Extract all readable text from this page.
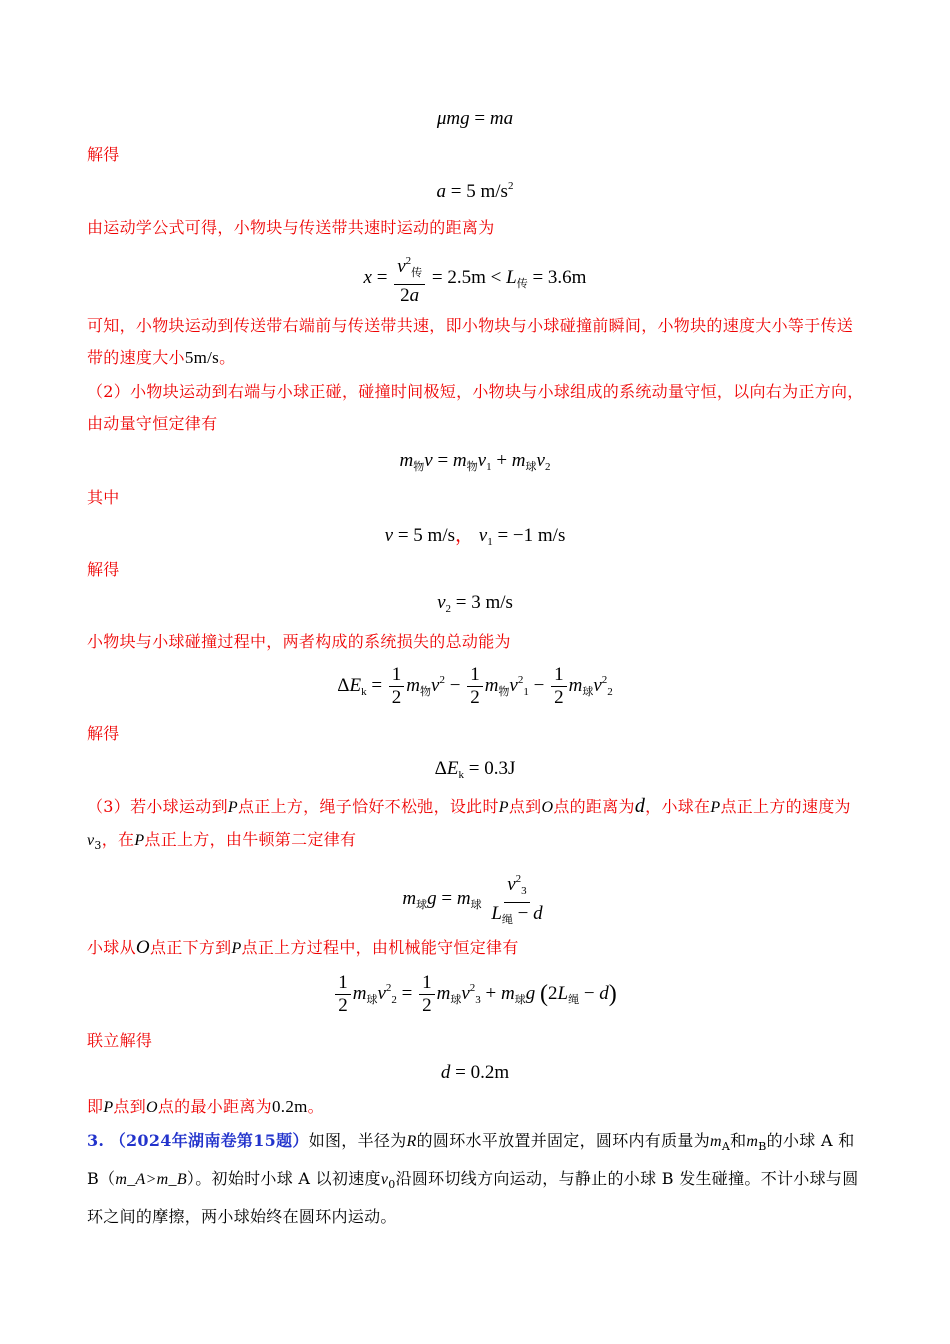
μmg = ma
解得
a = 5 $m/s^2$
由运动学公式可得，小物块与传送带共速时运动的距离为
$x = \frac{v^2_传}{2a} = 2.5m < L_传 = 3.6m$
可知，小物块运动到传送带右端前与传送带共速，即小物块与小球碰撞前瞬间，小物块的速度大小等于传送带的速度大小5m/s。
（2）小物块运动到右端与小球正碰，碰撞时间极短，小物块与小球组成的系统动量守恒，以向右为正方向，由动量守恒定律有
$m_物v = m_物v_1 + m_球v_2$
其中
v = 5 m/s， $v_1 = -1$ m/s
解得
$v_2 = 3$ m/s
小物块与小球碰撞过程中，两者构成的系统损失的总动能为
$\Delta E_k = \frac{1}{2} m_物v^2 - \frac{1}{2} m_物v^2_1 - \frac{1}{2} m_球v^2_2$
解得
$\Delta E_k = 0.3J$
（3）若小球运动到P点正上方，绳子恰好不松弛，设此时P点到O点的距离为d，小球在P点正上方的速度为$v_3$，在P点正上方，由牛顿第二定律有
$m_球g = m_球 \frac{v^2_3}{L_绳 - d}$
小球从O点正下方到P点正上方过程中，由机械能守恒定律有
$\frac{1}{2} m_球v^2_2 = \frac{1}{2} m_球v^2_3 + m_球g$ $(2L_绳 - d)$
联立解得
d = 0.2m
即P点到O点的最小距离为0.2m。
3. （2024年湖南卷第15题）如图，半径为R的圆环水平放置并固定，圆环内有质量为$m_A$和$m_B$的小球 A 和 B（m_A>m_B）。初始时小球 A 以初速度$v_0$沿圆环切线方向运动，与静止的小球 B 发生碰撞。不计小球与圆环之间的摩擦，两小球始终在圆环内运动。
